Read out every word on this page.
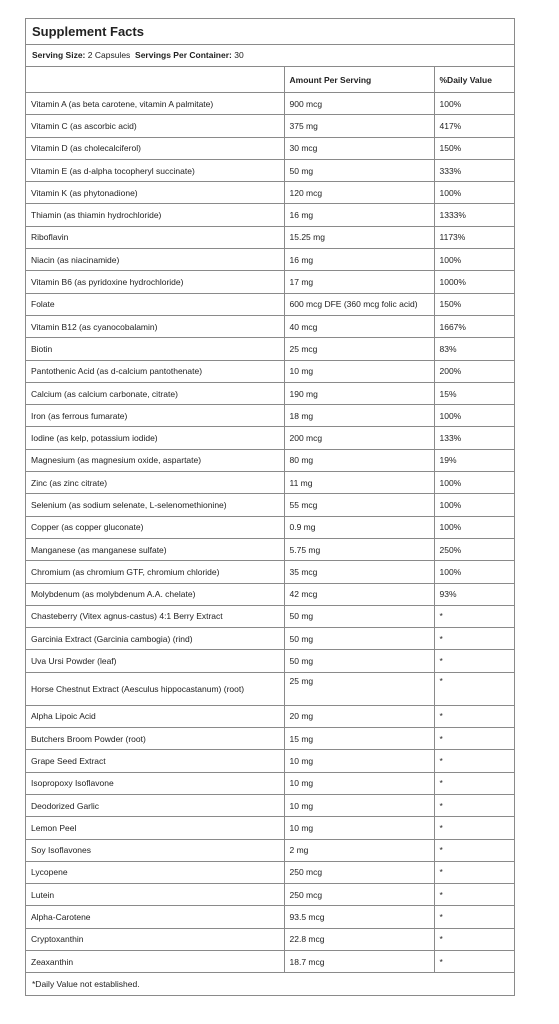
Supplement Facts
Serving Size: 2 Capsules Servings Per Container: 30
	Amount Per Serving	%Daily Value
Vitamin A (as beta carotene, vitamin A palmitate)	900 mcg	100%
Vitamin C (as ascorbic acid)	375 mg	417%
Vitamin D (as cholecalciferol)	30 mcg	150%
Vitamin E (as d-alpha tocopheryl succinate)	50 mg	333%
Vitamin K (as phytonadione)	120 mcg	100%
Thiamin (as thiamin hydrochloride)	16 mg	1333%
Riboflavin	15.25 mg	1173%
Niacin (as niacinamide)	16 mg	100%
Vitamin B6 (as pyridoxine hydrochloride)	17 mg	1000%
Folate	600 mcg DFE (360 mcg folic acid)	150%
Vitamin B12 (as cyanocobalamin)	40 mcg	1667%
Biotin	25 mcg	83%
Pantothenic Acid (as d-calcium pantothenate)	10 mg	200%
Calcium (as calcium carbonate, citrate)	190 mg	15%
Iron (as ferrous fumarate)	18 mg	100%
Iodine (as kelp, potassium iodide)	200 mcg	133%
Magnesium (as magnesium oxide, aspartate)	80 mg	19%
Zinc (as zinc citrate)	11 mg	100%
Selenium (as sodium selenate, L-selenomethionine)	55 mcg	100%
Copper (as copper gluconate)	0.9 mg	100%
Manganese (as manganese sulfate)	5.75 mg	250%
Chromium (as chromium GTF, chromium chloride)	35 mcg	100%
Molybdenum (as molybdenum A.A. chelate)	42 mcg	93%
Chasteberry (Vitex agnus-castus) 4:1 Berry Extract	50 mg	*
Garcinia Extract (Garcinia cambogia) (rind)	50 mg	*
Uva Ursi Powder (leaf)	50 mg	*
Horse Chestnut Extract (Aesculus hippocastanum) (root)	25 mg	*
Alpha Lipoic Acid	20 mg	*
Butchers Broom Powder (root)	15 mg	*
Grape Seed Extract	10 mg	*
Isopropoxy Isoflavone	10 mg	*
Deodorized Garlic	10 mg	*
Lemon Peel	10 mg	*
Soy Isoflavones	2 mg	*
Lycopene	250 mcg	*
Lutein	250 mcg	*
Alpha-Carotene	93.5 mcg	*
Cryptoxanthin	22.8 mcg	*
Zeaxanthin	18.7 mcg	*
*Daily Value not established.
